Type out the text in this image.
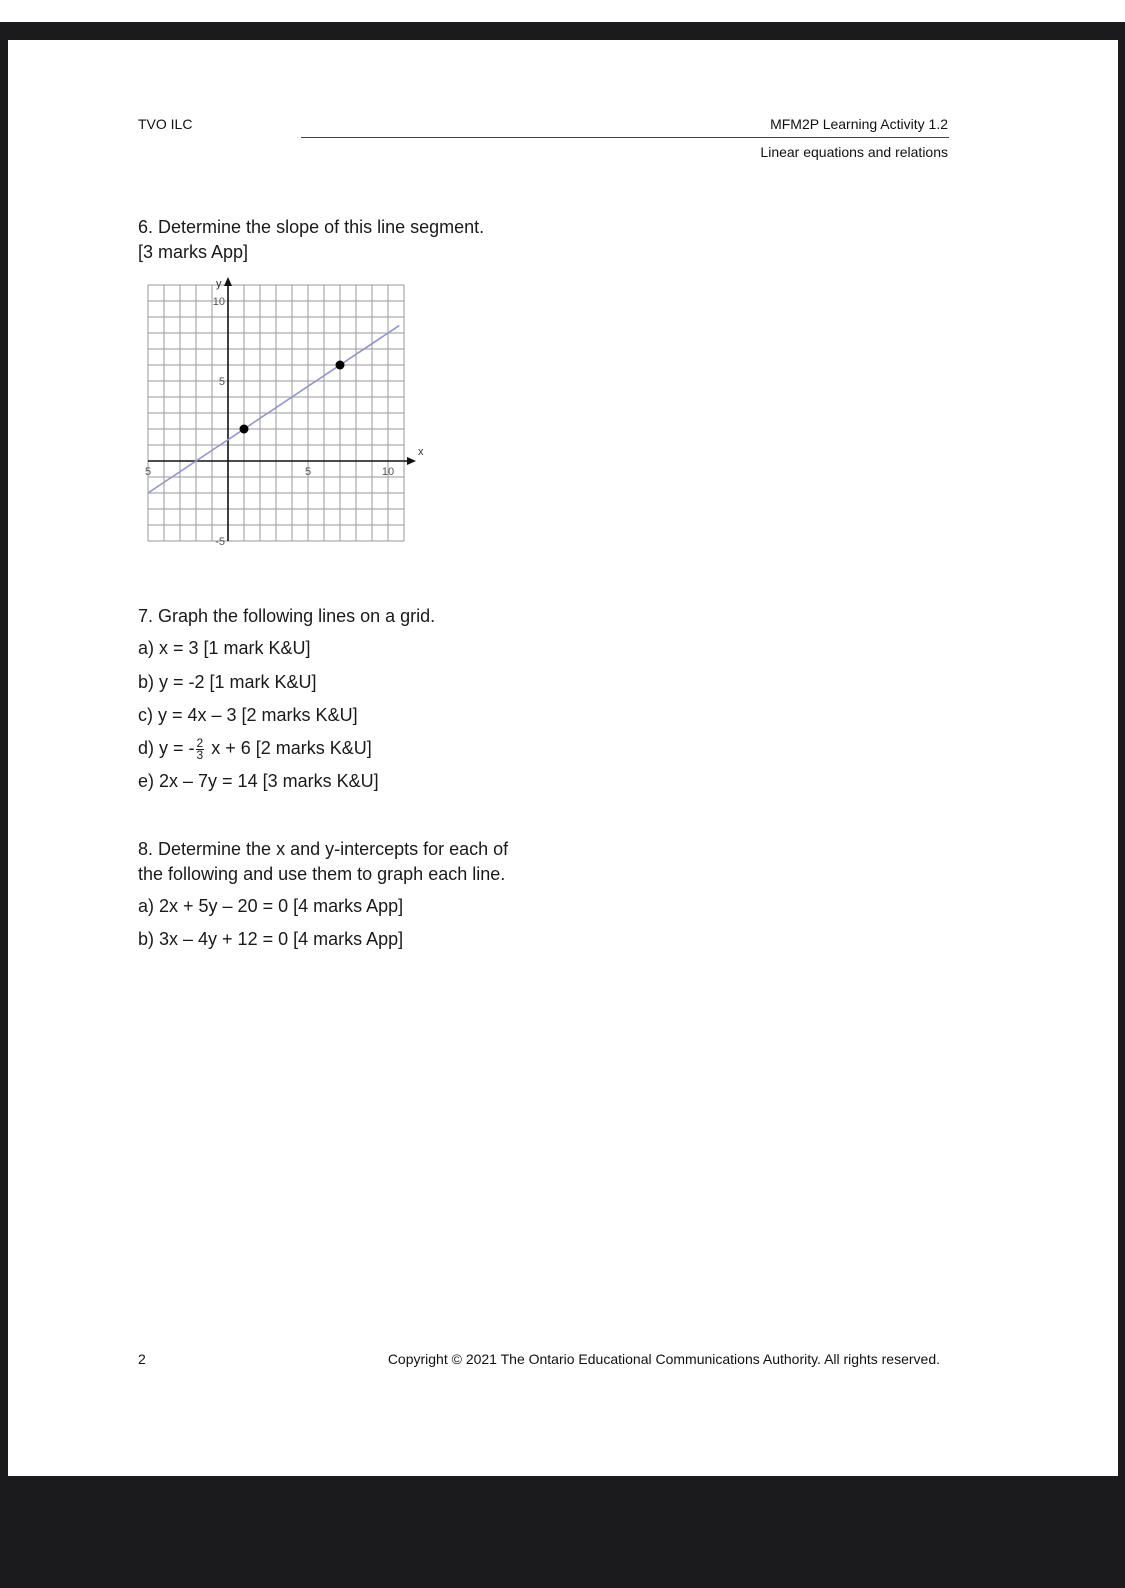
TVO ILC	MFM2P Learning Activity 1.2
Linear equations and relations
6. Determine the slope of this line segment.
[3 marks App]
x
y
5	5	10
10
5
-5
7. Graph the following lines on a grid.
a) x = 3 [1 mark K&U]
b) y = -2 [1 mark K&U]
c) y = 4x – 3 [2 marks K&U]
d) y = - $\frac{2}{3}$ x + 6 [2 marks K&U]
e) 2x – 7y = 14 [3 marks K&U]
8. Determine the x and y-intercepts for each of
the following and use them to graph each line.
a) 2x + 5y – 20 = 0 [4 marks App]
b) 3x – 4y + 12 = 0 [4 marks App]
2	Copyright © 2021 The Ontario Educational Communications Authority. All rights reserved.
